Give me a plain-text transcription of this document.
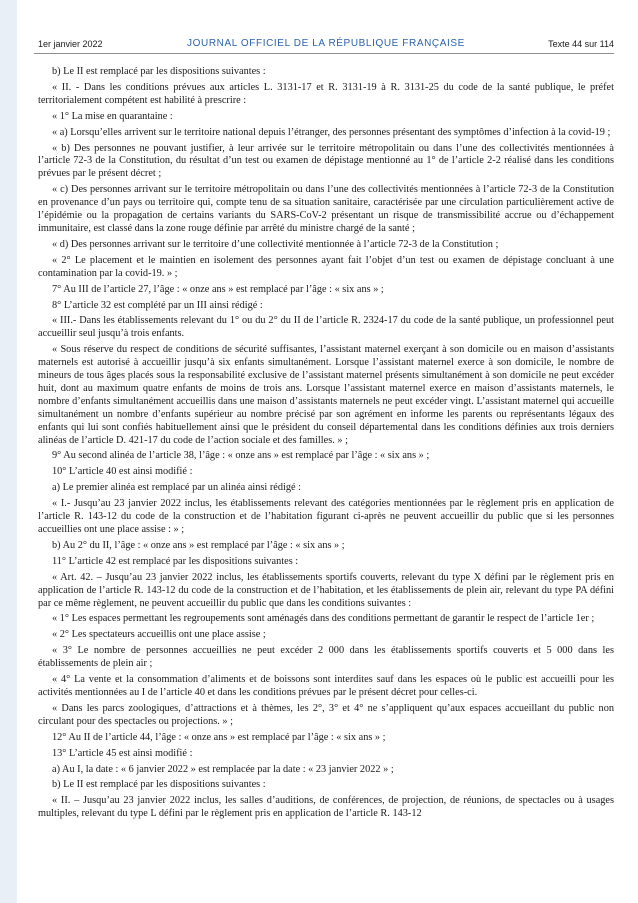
1er janvier 2022	JOURNAL OFFICIEL DE LA RÉPUBLIQUE FRANÇAISE	Texte 44 sur 114

b) Le II est remplacé par les dispositions suivantes :

« II. - Dans les conditions prévues aux articles L. 3131-17 et R. 3131-19 à R. 3131-25 du code de la santé publique, le préfet territorialement compétent est habilité à prescrire :

« 1° La mise en quarantaine :

« a) Lorsqu’elles arrivent sur le territoire national depuis l’étranger, des personnes présentant des symptômes d’infection à la covid-19 ;

« b) Des personnes ne pouvant justifier, à leur arrivée sur le territoire métropolitain ou dans l’une des collectivités mentionnées à l’article 72-3 de la Constitution, du résultat d’un test ou examen de dépistage mentionné au 1° de l’article 2-2 réalisé dans les conditions prévues par le présent décret ;

« c) Des personnes arrivant sur le territoire métropolitain ou dans l’une des collectivités mentionnées à l’article 72-3 de la Constitution en provenance d’un pays ou territoire qui, compte tenu de sa situation sanitaire, caractérisée par une circulation particulièrement active de l’épidémie ou la propagation de certains variants du SARS-CoV-2 présentant un risque de transmissibilité accrue ou d’échappement immunitaire, est classé dans la zone rouge définie par arrêté du ministre chargé de la santé ;

« d) Des personnes arrivant sur le territoire d’une collectivité mentionnée à l’article 72-3 de la Constitution ;

« 2° Le placement et le maintien en isolement des personnes ayant fait l’objet d’un test ou examen de dépistage concluant à une contamination par la covid-19. » ;

7° Au III de l’article 27, l’âge : « onze ans » est remplacé par l’âge : « six ans » ;

8° L’article 32 est complété par un III ainsi rédigé :

« III.- Dans les établissements relevant du 1° ou du 2° du II de l’article R. 2324-17 du code de la santé publique, un professionnel peut accueillir seul jusqu’à trois enfants.

« Sous réserve du respect de conditions de sécurité suffisantes, l’assistant maternel exerçant à son domicile ou en maison d’assistants maternels est autorisé à accueillir jusqu’à six enfants simultanément. Lorsque l’assistant maternel exerce à son domicile, le nombre de mineurs de tous âges placés sous la responsabilité exclusive de l’assistant maternel présents simultanément à son domicile ne peut excéder huit, dont au maximum quatre enfants de moins de trois ans. Lorsque l’assistant maternel exerce en maison d’assistants maternels, le nombre d’enfants simultanément accueillis dans une maison d’assistants maternels ne peut excéder vingt. L’assistant maternel qui accueille simultanément un nombre d’enfants supérieur au nombre précisé par son agrément en informe les parents ou représentants légaux des enfants qui lui sont confiés habituellement ainsi que le président du conseil départemental dans les conditions définies aux trois derniers alinéas de l’article D. 421-17 du code de l’action sociale et des familles. » ;

9° Au second alinéa de l’article 38, l’âge : « onze ans » est remplacé par l’âge : « six ans » ;

10° L’article 40 est ainsi modifié :

a) Le premier alinéa est remplacé par un alinéa ainsi rédigé :

« I.- Jusqu’au 23 janvier 2022 inclus, les établissements relevant des catégories mentionnées par le règlement pris en application de l’article R. 143-12 du code de la construction et de l’habitation figurant ci-après ne peuvent accueillir du public que si les personnes accueillies ont une place assise : » ;

b) Au 2° du II, l’âge : « onze ans » est remplacé par l’âge : « six ans » ;

11° L’article 42 est remplacé par les dispositions suivantes :

« Art. 42. – Jusqu’au 23 janvier 2022 inclus, les établissements sportifs couverts, relevant du type X défini par le règlement pris en application de l’article R. 143-12 du code de la construction et de l’habitation, et les établissements de plein air, relevant du type PA défini par ce même règlement, ne peuvent accueillir du public que dans les conditions suivantes :

« 1° Les espaces permettant les regroupements sont aménagés dans des conditions permettant de garantir le respect de l’article 1er ;

« 2° Les spectateurs accueillis ont une place assise ;

« 3° Le nombre de personnes accueillies ne peut excéder 2 000 dans les établissements sportifs couverts et 5 000 dans les établissements de plein air ;

« 4° La vente et la consommation d’aliments et de boissons sont interdites sauf dans les espaces où le public est accueilli pour les activités mentionnées au I de l’article 40 et dans les conditions prévues par le présent décret pour celles-ci.

« Dans les parcs zoologiques, d’attractions et à thèmes, les 2°, 3° et 4° ne s’appliquent qu’aux espaces accueillant du public non circulant pour des spectacles ou projections. » ;

12° Au II de l’article 44, l’âge : « onze ans » est remplacé par l’âge : « six ans » ;

13° L’article 45 est ainsi modifié :

a) Au I, la date : « 6 janvier 2022 » est remplacée par la date : « 23 janvier 2022 » ;

b) Le II est remplacé par les dispositions suivantes :

« II. – Jusqu’au 23 janvier 2022 inclus, les salles d’auditions, de conférences, de projection, de réunions, de spectacles ou à usages multiples, relevant du type L défini par le règlement pris en application de l’article R. 143-12
